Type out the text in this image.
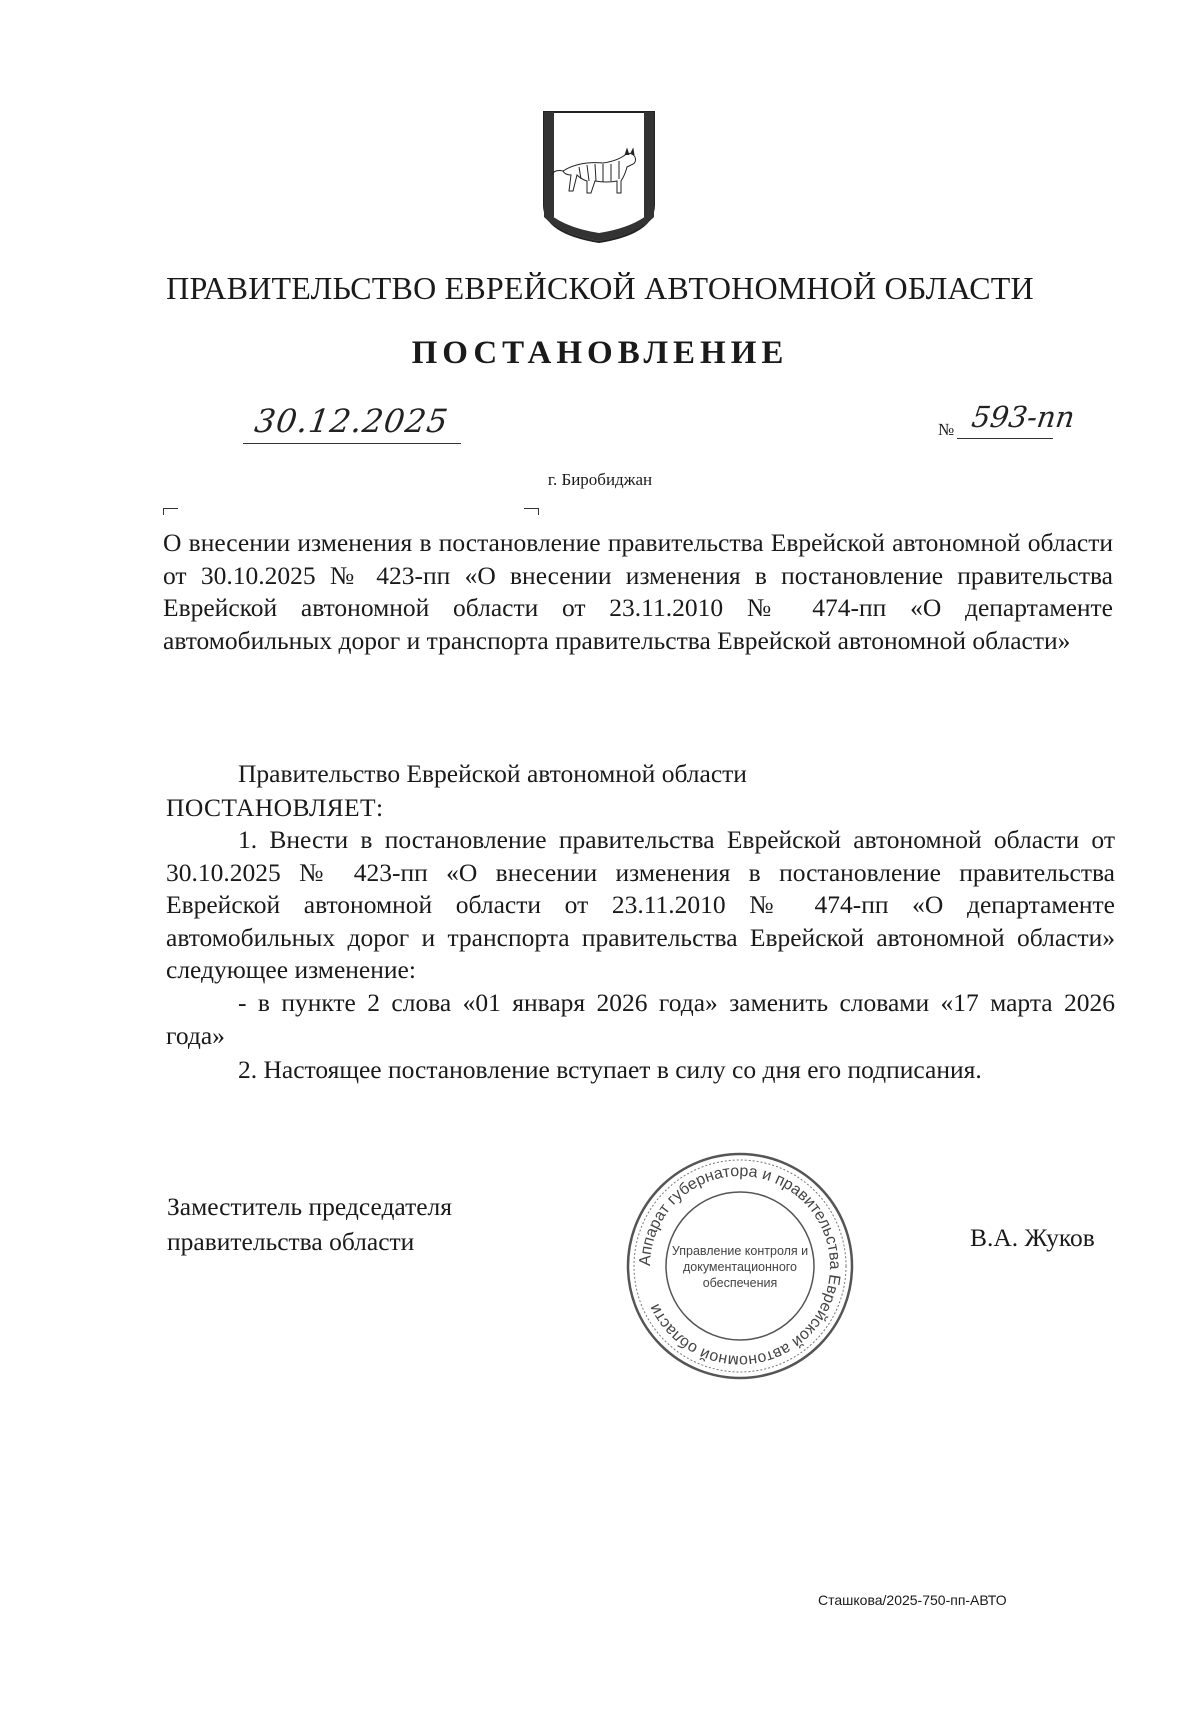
ПРАВИТЕЛЬСТВО ЕВРЕЙСКОЙ АВТОНОМНОЙ ОБЛАСТИ
ПОСТАНОВЛЕНИЕ
30.12.2025	№ 593-пп
г. Биробиджан
О внесении изменения в постановление правительства Еврейской автономной области от 30.10.2025 № 423-пп «О внесении изменения в постановление правительства Еврейской автономной области от 23.11.2010 № 474-пп «О департаменте автомобильных дорог и транспорта правительства Еврейской автономной области»
Правительство Еврейской автономной области
ПОСТАНОВЛЯЕТ:
1. Внести в постановление правительства Еврейской автономной области от 30.10.2025 № 423-пп «О внесении изменения в постановление правительства Еврейской автономной области от 23.11.2010 № 474-пп «О департаменте автомобильных дорог и транспорта правительства Еврейской автономной области» следующее изменение:
- в пункте 2 слова «01 января 2026 года» заменить словами «17 марта 2026 года»
2. Настоящее постановление вступает в силу со дня его подписания.
Заместитель председателя
правительства области	В.А. Жуков
Аппарат губернатора и правительства Еврейской автономной области
Управление контроля и
документационного
обеспечения
Сташкова/2025-750-пп-АВТО
